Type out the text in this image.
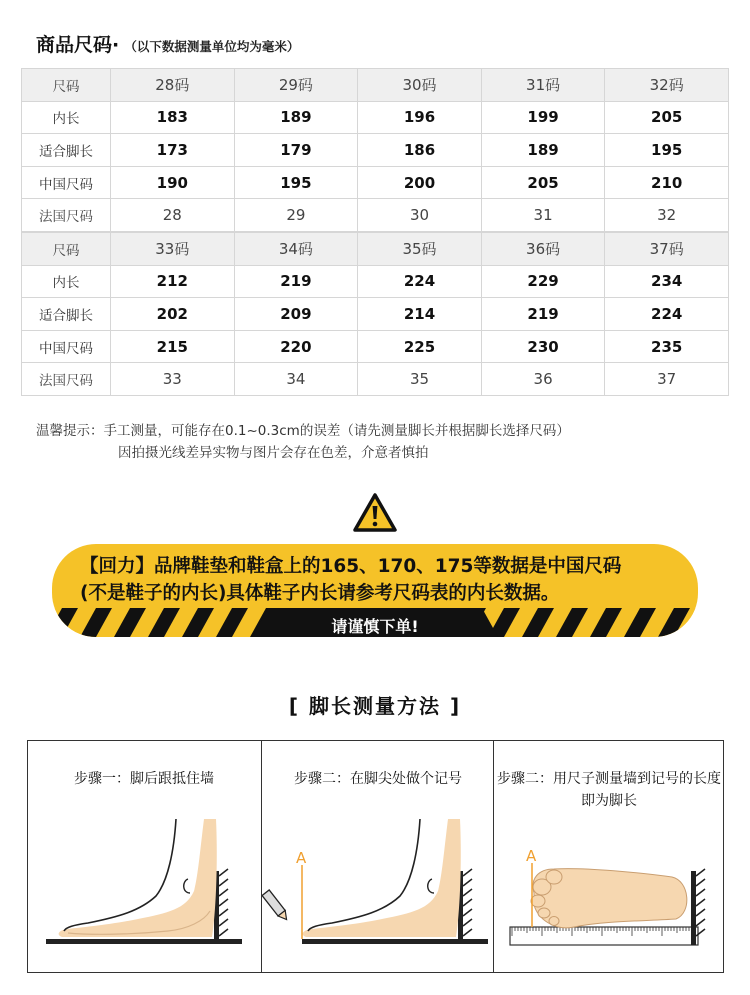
商品尺码· （以下数据测量单位均为毫米）
尺码	28码	29码	30码	31码	32码
内长	183	189	196	199	205
适合脚长	173	179	186	189	195
中国尺码	190	195	200	205	210
法国尺码	28	29	30	31	32
尺码	33码	34码	35码	36码	37码
内长	212	219	224	229	234
适合脚长	202	209	214	219	224
中国尺码	215	220	225	230	235
法国尺码	33	34	35	36	37
温馨提示：手工测量，可能存在0.1~0.3cm的误差（请先测量脚长并根据脚长选择尺码）
因拍摄光线差异实物与图片会存在色差，介意者慎拍
【回力】品牌鞋垫和鞋盒上的165、170、175等数据是中国尺码
(不是鞋子的内长)具体鞋子内长请参考尺码表的内长数据。
请谨慎下单!
[ 脚长测量方法 ]
步骤一：脚后跟抵住墙	步骤二：在脚尖处做个记号
A
步骤二：用尺子测量墙到记号的长度即为脚长
A
